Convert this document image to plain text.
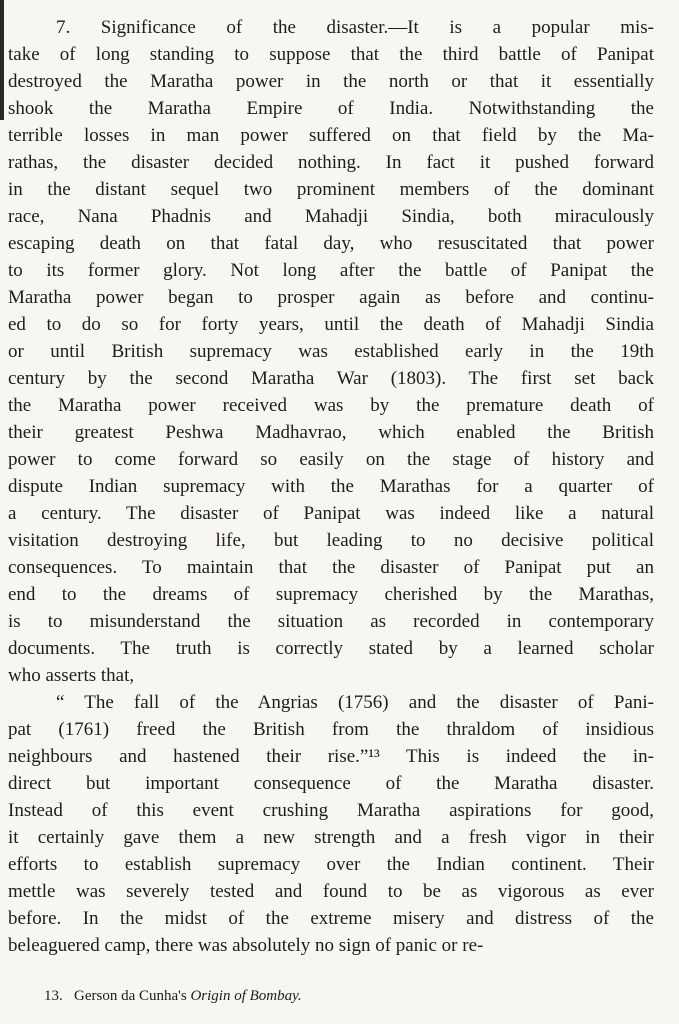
7. Significance of the disaster.—It is a popular mis-
take of long standing to suppose that the third battle of Panipat
destroyed the Maratha power in the north or that it essentially
shook the Maratha Empire of India. Notwithstanding the
terrible losses in man power suffered on that field by the Ma-
rathas, the disaster decided nothing. In fact it pushed forward
in the distant sequel two prominent members of the dominant
race, Nana Phadnis and Mahadji Sindia, both miraculously
escaping death on that fatal day, who resuscitated that power
to its former glory. Not long after the battle of Panipat the
Maratha power began to prosper again as before and continu-
ed to do so for forty years, until the death of Mahadji Sindia
or until British supremacy was established early in the 19th
century by the second Maratha War (1803). The first set back
the Maratha power received was by the premature death of
their greatest Peshwa Madhavrao, which enabled the British
power to come forward so easily on the stage of history and
dispute Indian supremacy with the Marathas for a quarter of
a century. The disaster of Panipat was indeed like a natural
visitation destroying life, but leading to no decisive political
consequences. To maintain that the disaster of Panipat put an
end to the dreams of supremacy cherished by the Marathas,
is to misunderstand the situation as recorded in contemporary
documents. The truth is correctly stated by a learned scholar
who asserts that,
“ The fall of the Angrias (1756) and the disaster of Pani-
pat (1761) freed the British from the thraldom of insidious
neighbours and hastened their rise.”¹³ This is indeed the in-
direct but important consequence of the Maratha disaster.
Instead of this event crushing Maratha aspirations for good,
it certainly gave them a new strength and a fresh vigor in their
efforts to establish supremacy over the Indian continent. Their
mettle was severely tested and found to be as vigorous as ever
before. In the midst of the extreme misery and distress of the
beleaguered camp, there was absolutely no sign of panic or re-
13. Gerson da Cunha's Origin of Bombay.
